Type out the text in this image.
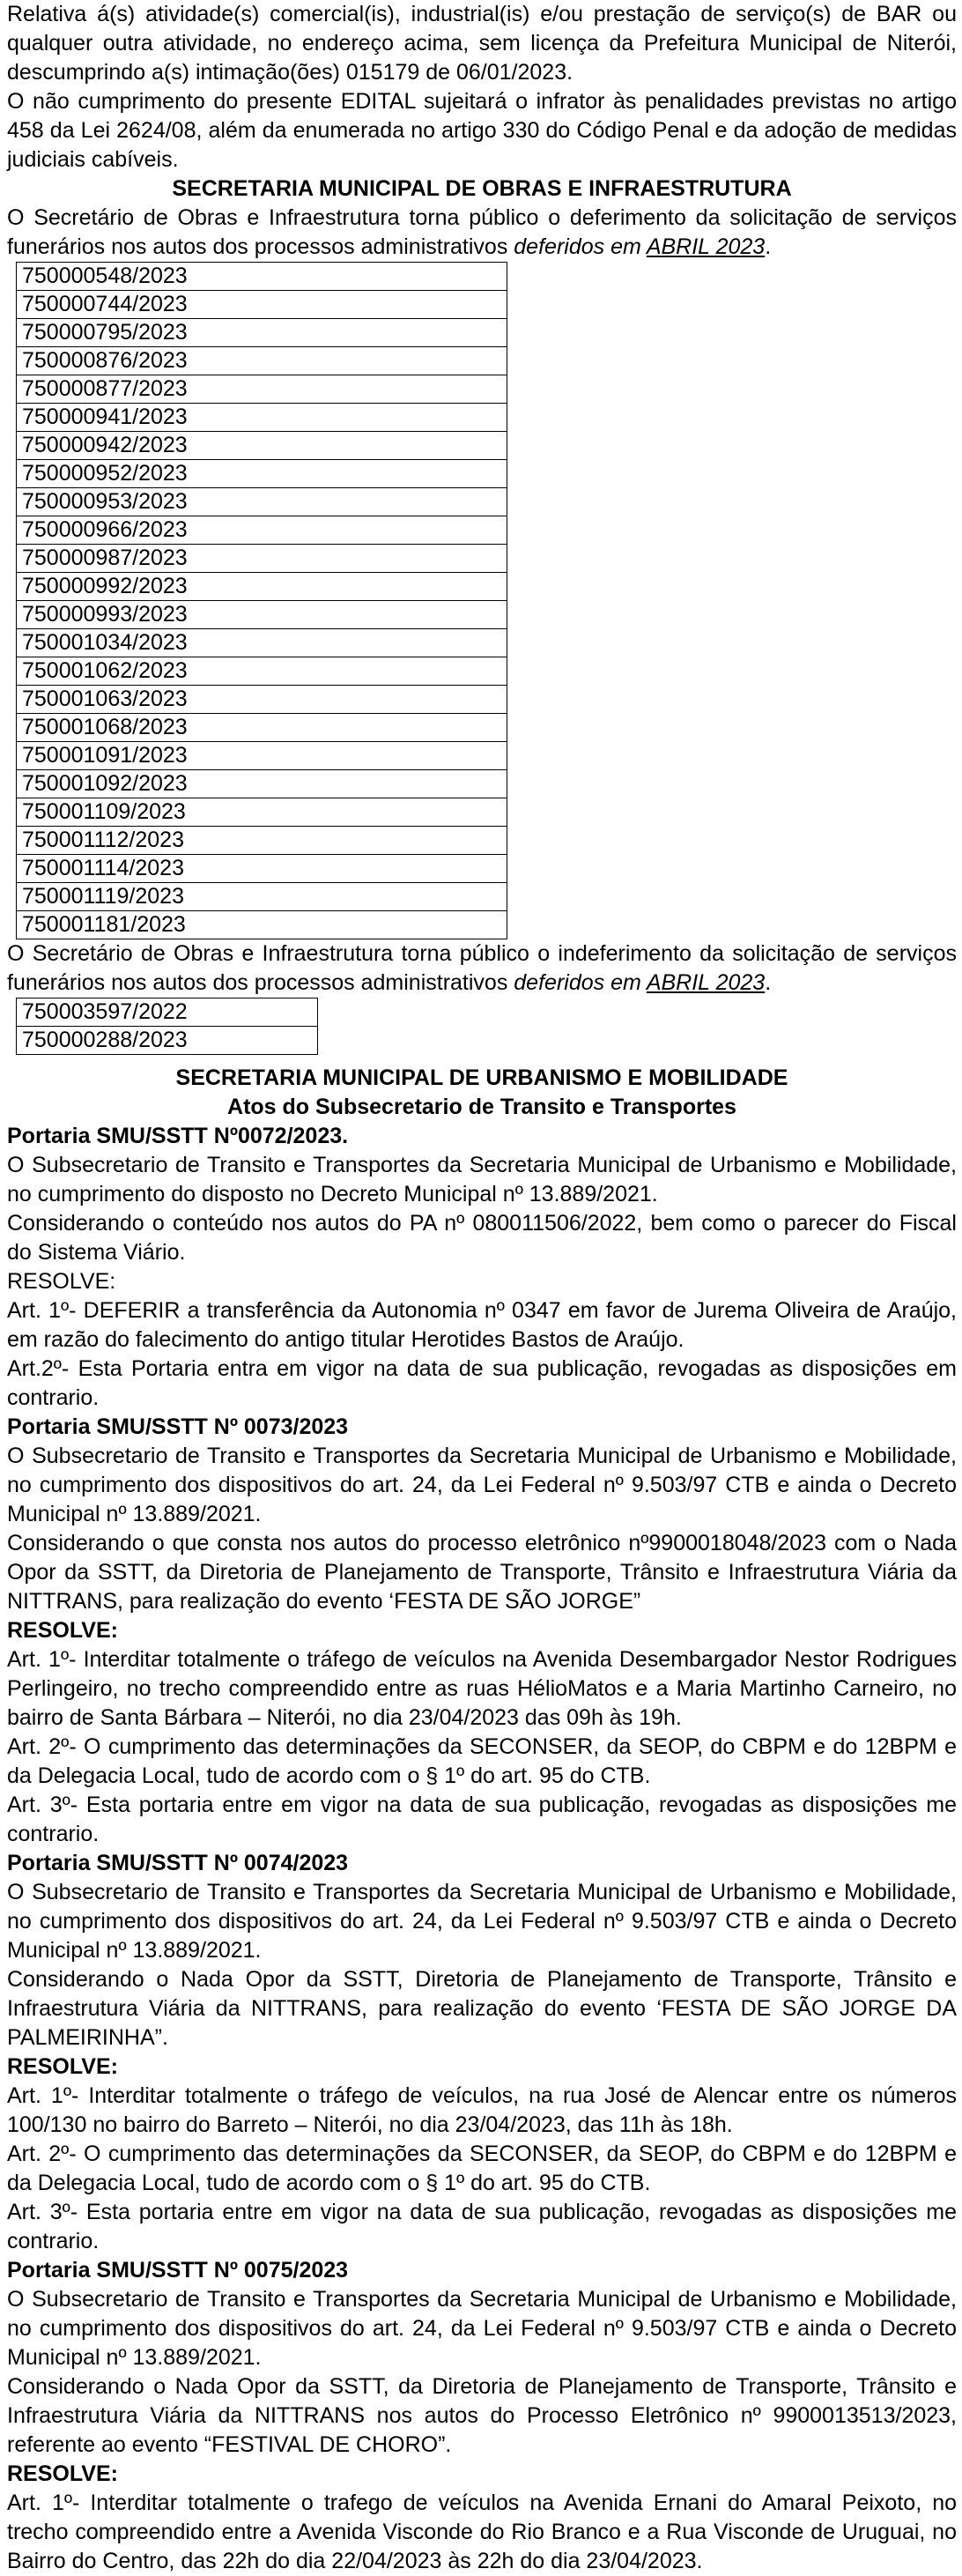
Relativa á(s) atividade(s) comercial(is), industrial(is) e/ou prestação de serviço(s) de BAR ou qualquer outra atividade, no endereço acima, sem licença da Prefeitura Municipal de Niterói, descumprindo a(s) intimação(ões) 015179 de 06/01/2023.

O não cumprimento do presente EDITAL sujeitará o infrator às penalidades previstas no artigo 458 da Lei 2624/08, além da enumerada no artigo 330 do Código Penal e da adoção de medidas judiciais cabíveis.

SECRETARIA MUNICIPAL DE OBRAS E INFRAESTRUTURA

O Secretário de Obras e Infraestrutura torna público o deferimento da solicitação de serviços funerários nos autos dos processos administrativos deferidos em ABRIL 2023.

750000548/2023
750000744/2023
750000795/2023
750000876/2023
750000877/2023
750000941/2023
750000942/2023
750000952/2023
750000953/2023
750000966/2023
750000987/2023
750000992/2023
750000993/2023
750001034/2023
750001062/2023
750001063/2023
750001068/2023
750001091/2023
750001092/2023
750001109/2023
750001112/2023
750001114/2023
750001119/2023
750001181/2023

O Secretário de Obras e Infraestrutura torna público o indeferimento da solicitação de serviços funerários nos autos dos processos administrativos deferidos em ABRIL 2023.

750003597/2022
750000288/2023

SECRETARIA MUNICIPAL DE URBANISMO E MOBILIDADE

Atos do Subsecretario de Transito e Transportes

Portaria SMU/SSTT Nº0072/2023.

O Subsecretario de Transito e Transportes da Secretaria Municipal de Urbanismo e Mobilidade, no cumprimento do disposto no Decreto Municipal nº 13.889/2021.

Considerando o conteúdo nos autos do PA nº 080011506/2022, bem como o parecer do Fiscal do Sistema Viário.

RESOLVE:

Art. 1º- DEFERIR a transferência da Autonomia nº 0347 em favor de Jurema Oliveira de Araújo, em razão do falecimento do antigo titular Herotides Bastos de Araújo.

Art.2º- Esta Portaria entra em vigor na data de sua publicação, revogadas as disposições em contrario.

Portaria SMU/SSTT Nº 0073/2023

O Subsecretario de Transito e Transportes da Secretaria Municipal de Urbanismo e Mobilidade, no cumprimento dos dispositivos do art. 24, da Lei Federal nº 9.503/97 CTB e ainda o Decreto Municipal nº 13.889/2021.

Considerando o que consta nos autos do processo eletrônico nº9900018048/2023 com o Nada Opor da SSTT, da Diretoria de Planejamento de Transporte, Trânsito e Infraestrutura Viária da NITTRANS, para realização do evento ‘FESTA DE SÃO JORGE”

RESOLVE:

Art. 1º- Interditar totalmente o tráfego de veículos na Avenida Desembargador Nestor Rodrigues Perlingeiro, no trecho compreendido entre as ruas HélioMatos e a Maria Martinho Carneiro, no bairro de Santa Bárbara – Niterói, no dia 23/04/2023 das 09h às 19h.

Art. 2º- O cumprimento das determinações da SECONSER, da SEOP, do CBPM e do 12BPM e da Delegacia Local, tudo de acordo com o § 1º do art. 95 do CTB.

Art. 3º- Esta portaria entre em vigor na data de sua publicação, revogadas as disposições me contrario.

Portaria SMU/SSTT Nº 0074/2023

O Subsecretario de Transito e Transportes da Secretaria Municipal de Urbanismo e Mobilidade, no cumprimento dos dispositivos do art. 24, da Lei Federal nº 9.503/97 CTB e ainda o Decreto Municipal nº 13.889/2021.

Considerando o Nada Opor da SSTT, Diretoria de Planejamento de Transporte, Trânsito e Infraestrutura Viária da NITTRANS, para realização do evento ‘FESTA DE SÃO JORGE DA PALMEIRINHA”.

RESOLVE:

Art. 1º- Interditar totalmente o tráfego de veículos, na rua José de Alencar entre os números 100/130 no bairro do Barreto – Niterói, no dia 23/04/2023, das 11h às 18h.

Art. 2º- O cumprimento das determinações da SECONSER, da SEOP, do CBPM e do 12BPM e da Delegacia Local, tudo de acordo com o § 1º do art. 95 do CTB.

Art. 3º- Esta portaria entre em vigor na data de sua publicação, revogadas as disposições me contrario.

Portaria SMU/SSTT Nº 0075/2023

O Subsecretario de Transito e Transportes da Secretaria Municipal de Urbanismo e Mobilidade, no cumprimento dos dispositivos do art. 24, da Lei Federal nº 9.503/97 CTB e ainda o Decreto Municipal nº 13.889/2021.

Considerando o Nada Opor da SSTT, da Diretoria de Planejamento de Transporte, Trânsito e Infraestrutura Viária da NITTRANS nos autos do Processo Eletrônico nº 9900013513/2023, referente ao evento “FESTIVAL DE CHORO”.

RESOLVE:

Art. 1º- Interditar totalmente o trafego de veículos na Avenida Ernani do Amaral Peixoto, no trecho compreendido entre a Avenida Visconde do Rio Branco e a Rua Visconde de Uruguai, no Bairro do Centro, das 22h do dia 22/04/2023 às 22h do dia 23/04/2023.
